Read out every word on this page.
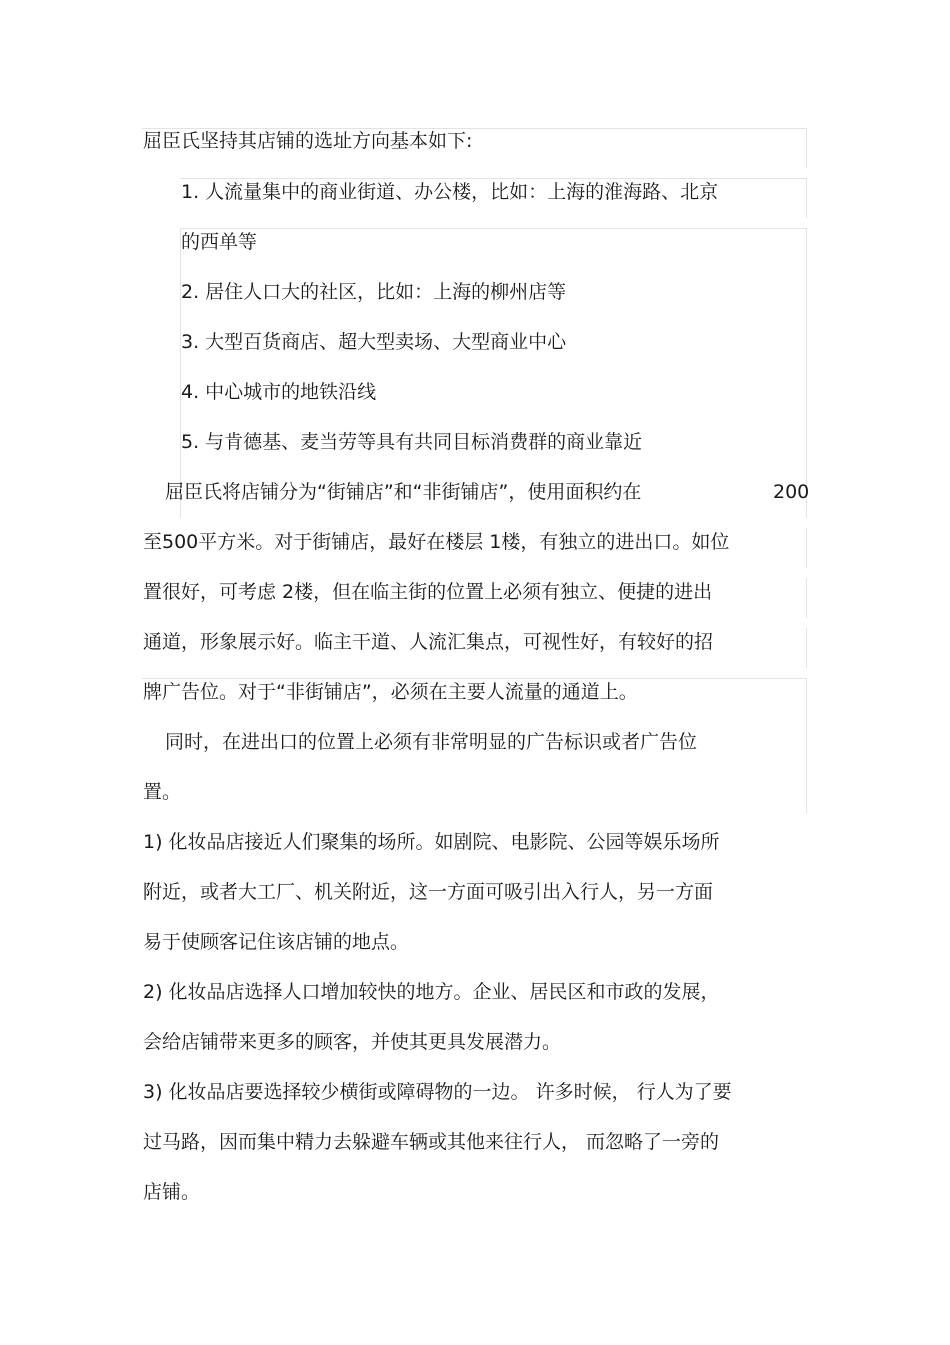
屈臣氏坚持其店铺的选址方向基本如下:
1. 人流量集中的商业街道、办公楼，比如：上海的淮海路、北京
的西单等
2. 居住人口大的社区，比如：上海的柳州店等
3. 大型百货商店、超大型卖场、大型商业中心
4. 中心城市的地铁沿线
5. 与肯德基、麦当劳等具有共同目标消费群的商业靠近
屈臣氏将店铺分为“街铺店”和“非街铺店”，使用面积约在	200
至500平方米。对于街铺店，最好在楼层 1楼，有独立的进出口。如位
置很好，可考虑 2楼，但在临主街的位置上必须有独立、便捷的进出
通道，形象展示好。临主干道、人流汇集点，可视性好，有较好的招
牌广告位。对于“非街铺店”，必须在主要人流量的通道上。
同时，在进出口的位置上必须有非常明显的广告标识或者广告位
置。
1) 化妆品店接近人们聚集的场所。如剧院、电影院、公园等娱乐场所
附近，或者大工厂、机关附近，这一方面可吸引出入行人，另一方面
易于使顾客记住该店铺的地点。
2) 化妆品店选择人口增加较快的地方。企业、居民区和市政的发展，
会给店铺带来更多的顾客，并使其更具发展潜力。
3) 化妆品店要选择较少横街或障碍物的一边。 许多时候， 行人为了要
过马路，因而集中精力去躲避车辆或其他来往行人， 而忽略了一旁的
店铺。
